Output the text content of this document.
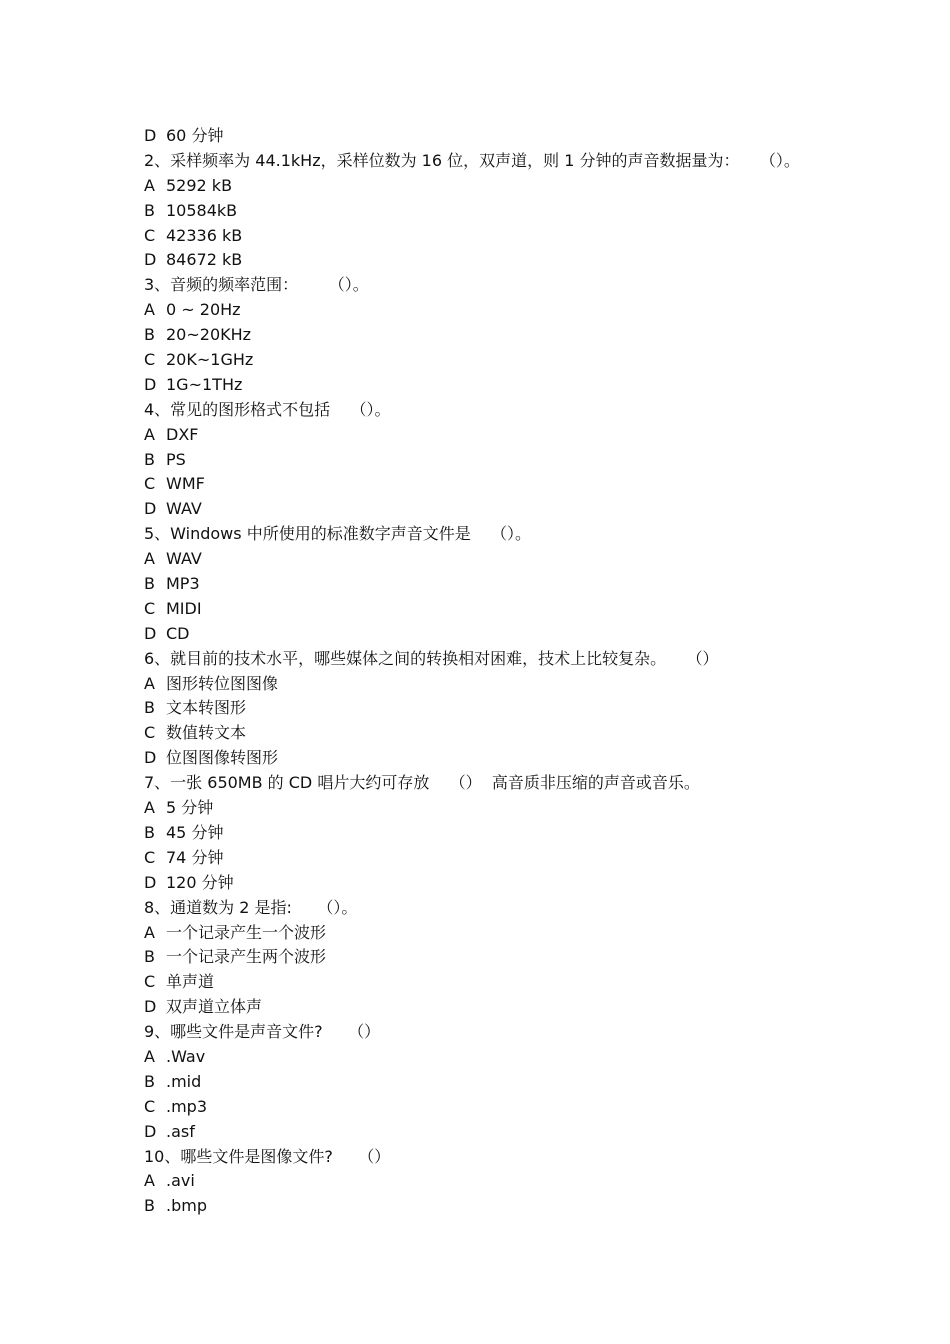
D 60 分钟
2、采样频率为 44.1kHz，采样位数为 16 位，双声道，则 1 分钟的声音数据量为：    （）。
A 5292 kB
B 10584kB
C 42336 kB
D 84672 kB
3、音频的频率范围：      （）。
A 0 ~ 20Hz
B 20~20KHz
C 20K~1GHz
D 1G~1THz
4、常见的图形格式不包括    （）。
A DXF
B PS
C WMF
D WAV
5、Windows 中所使用的标准数字声音文件是    （）。
A WAV
B MP3
C MIDI
D CD
6、就目前的技术水平，哪些媒体之间的转换相对困难，技术上比较复杂。    （）
A 图形转位图图像
B 文本转图形
C 数值转文本
D 位图图像转图形
7、一张 650MB 的 CD 唱片大约可存放    （）  高音质非压缩的声音或音乐。
A 5 分钟
B 45 分钟
C 74 分钟
D 120 分钟
8、通道数为 2 是指:     （）。
A 一个记录产生一个波形
B 一个记录产生两个波形
C 单声道
D 双声道立体声
9、哪些文件是声音文件?     （）
A .Wav
B .mid
C .mp3
D .asf
10、哪些文件是图像文件?     （）
A .avi
B .bmp
